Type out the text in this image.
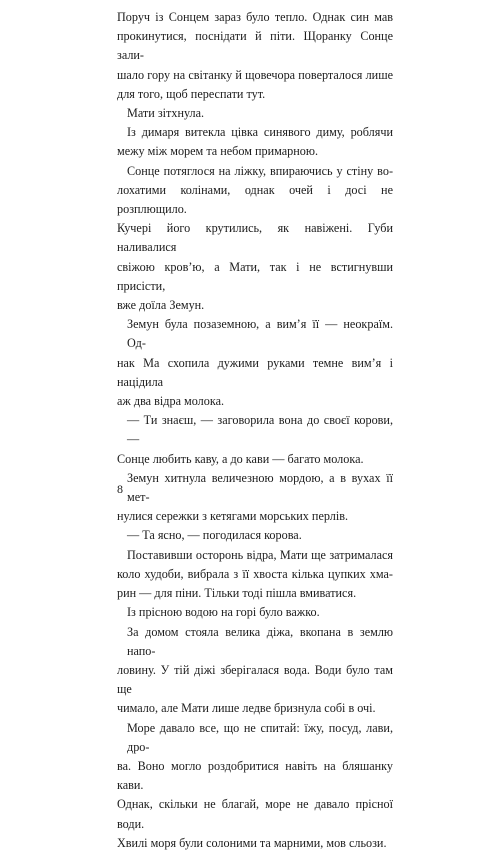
Поруч із Сонцем зараз було тепло. Однак син мав
прокинутися, поснідати й піти. Щоранку Сонце зали-
шало гору на світанку й щовечора поверталося лише
для того, щоб переспати тут.
Мати зітхнула.
Із димаря витекла цівка синявого диму, роблячи
межу між морем та небом примарною.
Сонце потяглося на ліжку, впираючись у стіну во-
лохатими колінами, однак очей і досі не розплющило.
Кучері його крутились, як навіжені. Губи наливалися
свіжою кров’ю, а Мати, так і не встигнувши присісти,
вже доїла Земун.
Земун була позаземною, а вим’я її — неокраїм. Од-
нак Ма схопила дужими руками темне вим’я і націдила
аж два відра молока.
— Ти знаєш, — заговорила вона до своєї корови, —
Сонце любить каву, а до кави — багато молока.
Земун хитнула величезною мордою, а в вухах її мет-
нулися сережки з кетягами морських перлів.
— Та ясно, — погодилася корова.
Поставивши осторонь відра, Мати ще затрималася
коло худоби, вибрала з її хвоста кілька цупких хма-
рин — для піни. Тільки тоді пішла вмиватися.
Із прісною водою на горі було важко.
За домом стояла велика діжа, вкопана в землю напо-
ловину. У тій діжі зберігалася вода. Води було там ще
чимало, але Мати лише ледве бризнула собі в очі.
Море давало все, що не спитай: їжу, посуд, лави, дро-
ва. Воно могло роздобритися навіть на бляшанку кави.
Однак, скільки не благай, море не давало прісної води.
Хвилі моря були солоними та марними, мов сльози.
8
